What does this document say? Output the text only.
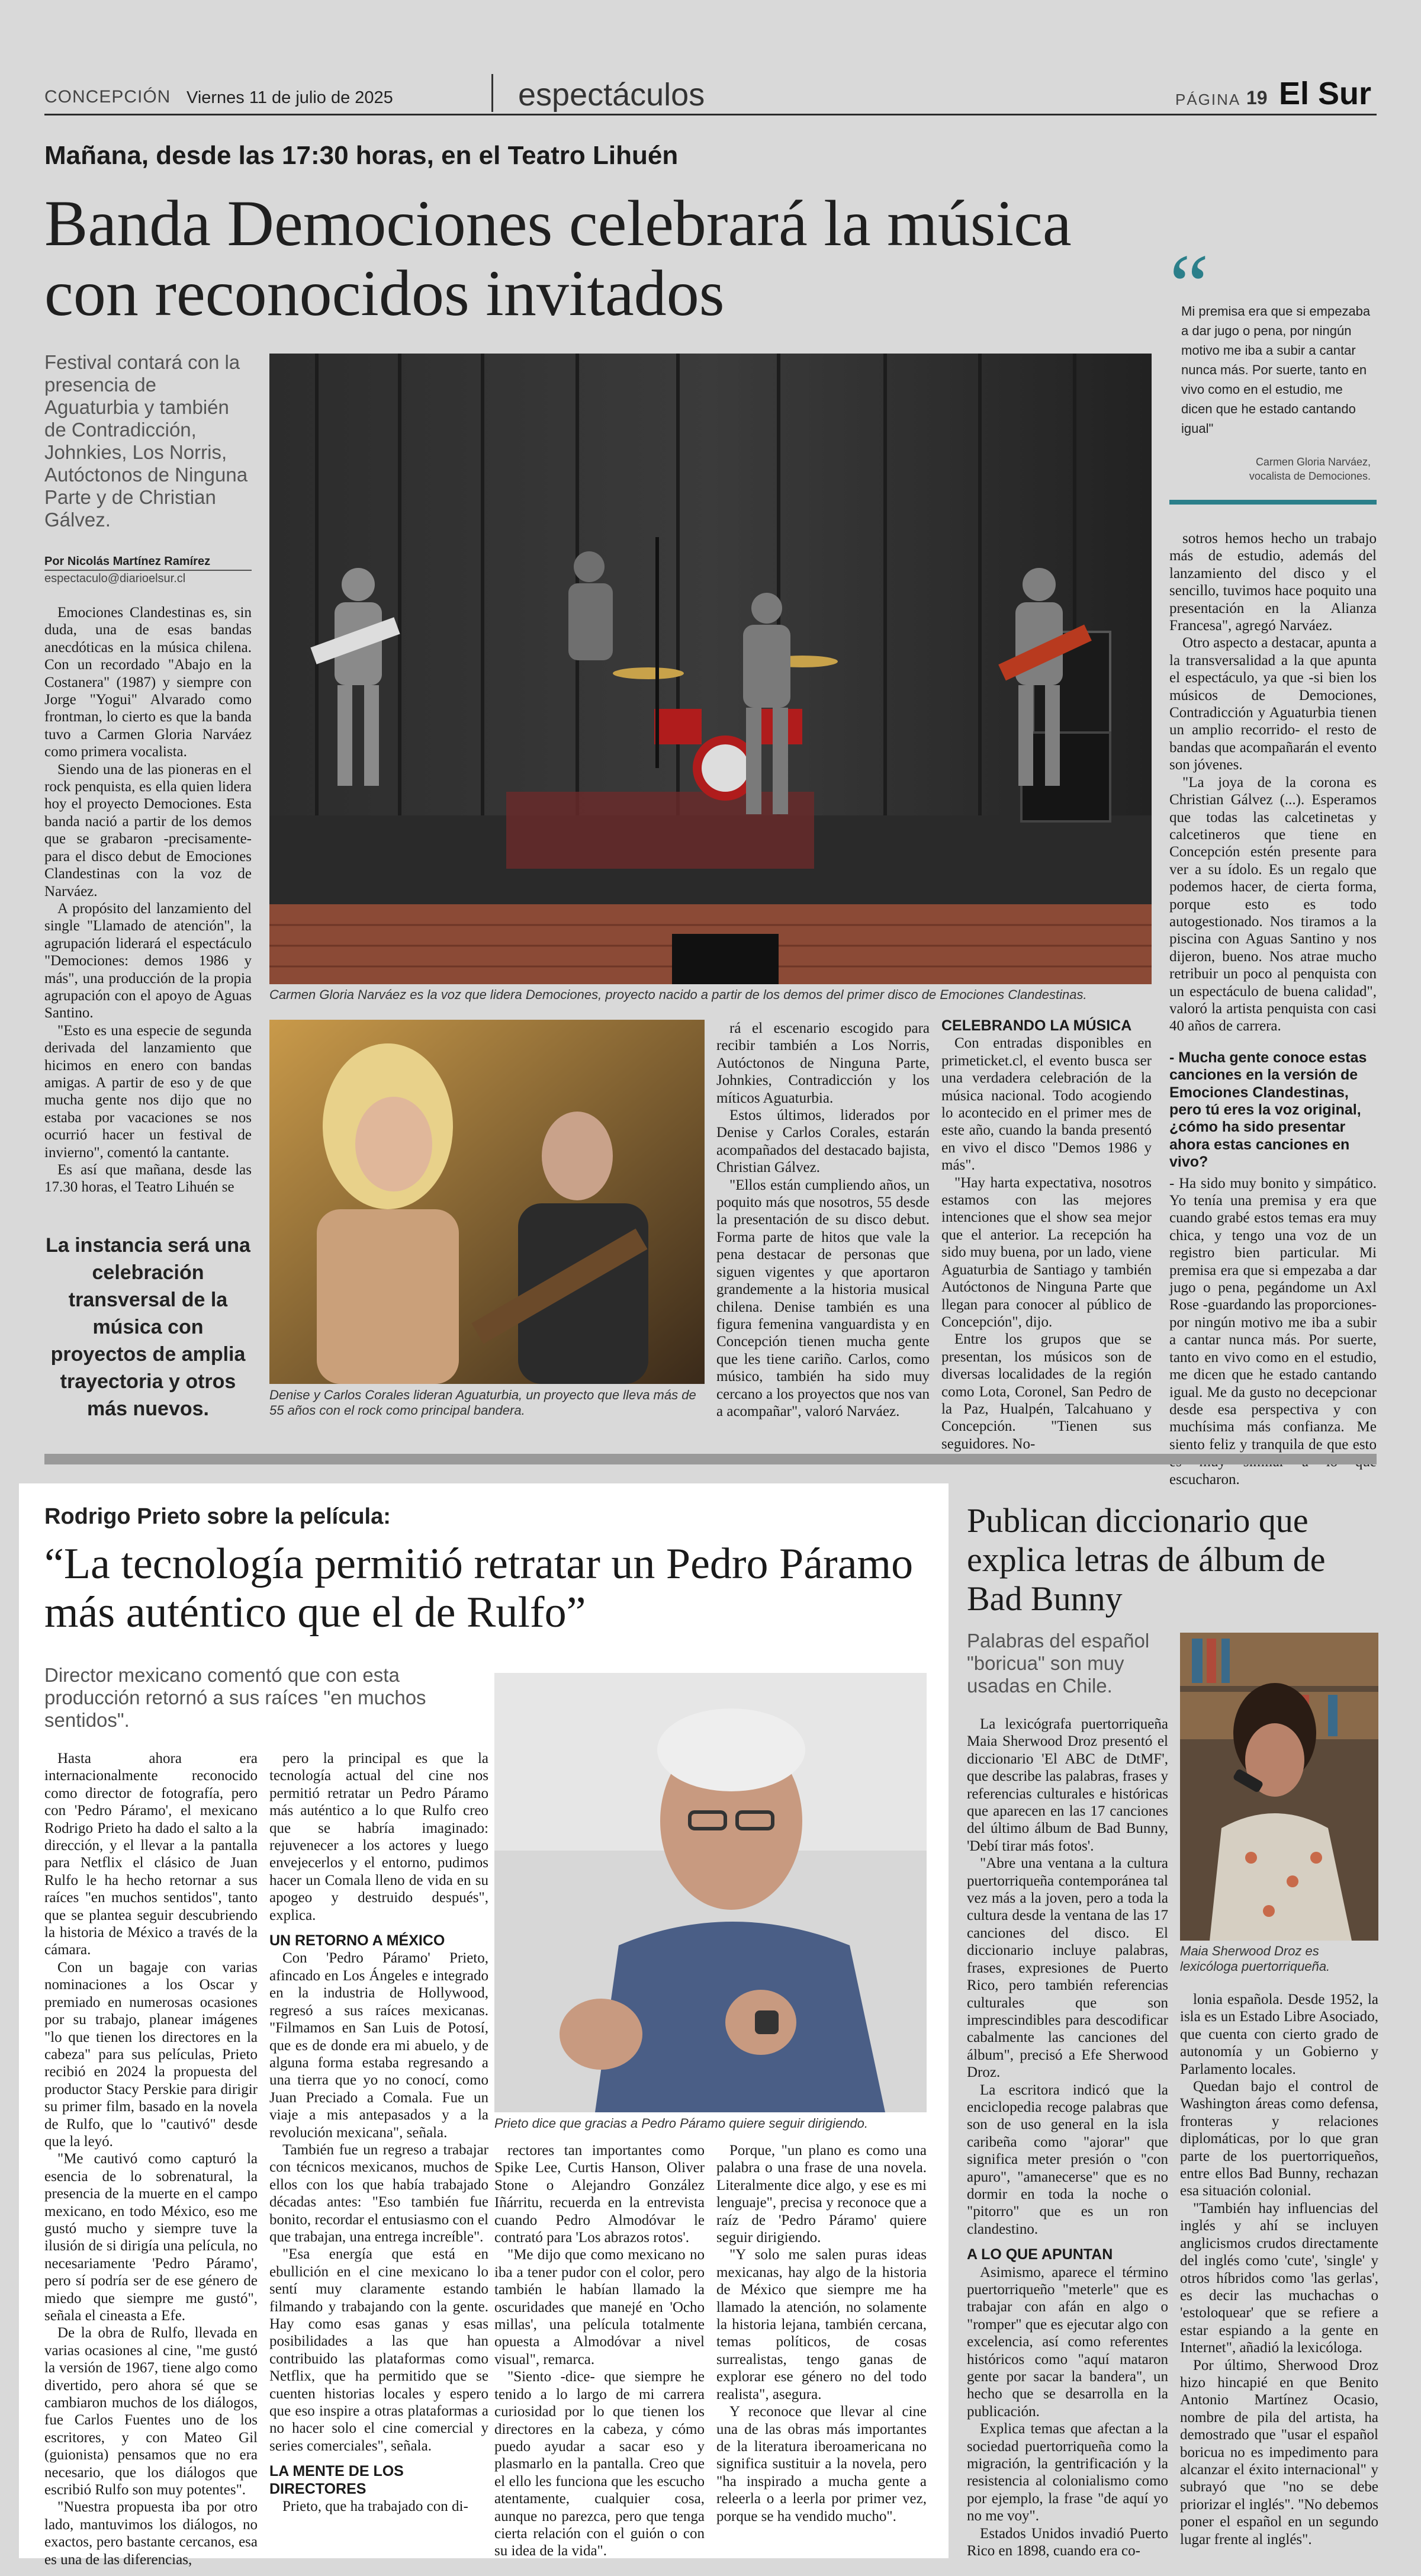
CONCEPCIÓN Viernes 11 de julio de 2025	espectáculos	PÁGINA 19 El Sur
Mañana, desde las 17:30 horas, en el Teatro Lihuén
Banda Demociones celebrará la música con reconocidos invitados
Festival contará con la presencia de Aguaturbia y también de Contradicción, Johnkies, Los Norris, Autóctonos de Ninguna Parte y de Christian Gálvez.
Por Nicolás Martínez Ramírez
espectaculo@diarioelsur.cl

Emociones Clandestinas es, sin duda, una de esas bandas anecdóticas en la música chilena. Con un recordado "Abajo en la Costanera" (1987) y siempre con Jorge "Yogui" Alvarado como frontman, lo cierto es que la banda tuvo a Carmen Gloria Narváez como primera vocalista.

Siendo una de las pioneras en el rock penquista, es ella quien lidera hoy el proyecto Demociones. Esta banda nació a partir de los demos que se grabaron -precisamente- para el disco debut de Emociones Clandestinas con la voz de Narváez.

A propósito del lanzamiento del single "Llamado de atención", la agrupación liderará el espectáculo "Demociones: demos 1986 y más", una producción de la propia agrupación con el apoyo de Aguas Santino.

"Esto es una especie de segunda derivada del lanzamiento que hicimos en enero con bandas amigas. A partir de eso y de que mucha gente nos dijo que no estaba por vacaciones se nos ocurrió hacer un festival de invierno", comentó la cantante.

Es así que mañana, desde las 17.30 horas, el Teatro Lihuén se

La instancia será una celebración transversal de la música con proyectos de amplia trayectoria y otros más nuevos.
Carmen Gloria Narváez es la voz que lidera Demociones, proyecto nacido a partir de los demos del primer disco de Emociones Clandestinas.
Denise y Carlos Corales lideran Aguaturbia, un proyecto que lleva más de 55 años con el rock como principal bandera.

rá el escenario escogido para recibir también a Los Norris, Autóctonos de Ninguna Parte, Johnkies, Contradicción y los míticos Aguaturbia.

Estos últimos, liderados por Denise y Carlos Corales, estarán acompañados del destacado bajista, Christian Gálvez.

"Ellos están cumpliendo años, un poquito más que nosotros, 55 desde la presentación de su disco debut. Forma parte de hitos que vale la pena destacar de personas que siguen vigentes y que aportaron grandemente a la historia musical chilena. Denise también es una figura femenina vanguardista y en Concepción tienen mucha gente que les tiene cariño. Carlos, como músico, también ha sido muy cercano a los proyectos que nos van a acompañar", valoró Narváez.

CELEBRANDO LA MÚSICA

Con entradas disponibles en primeticket.cl, el evento busca ser una verdadera celebración de la música nacional. Todo acogiendo lo acontecido en el primer mes de este año, cuando la banda presentó en vivo el disco "Demos 1986 y más".

"Hay harta expectativa, nosotros estamos con las mejores intenciones que el show sea mejor que el anterior. La recepción ha sido muy buena, por un lado, viene Aguaturbia de Santiago y también Autóctonos de Ninguna Parte que llegan para conocer al público de Concepción", dijo.

Entre los grupos que se presentan, los músicos son de diversas localidades de la región como Lota, Coronel, San Pedro de la Paz, Hualpén, Talcahuano y Concepción. "Tienen sus seguidores. No-

“
Mi premisa era que si empezaba a dar jugo o pena, por ningún motivo me iba a subir a cantar nunca más. Por suerte, tanto en vivo como en el estudio, me dicen que he estado cantando igual"
Carmen Gloria Narváez,
vocalista de Demociones.

sotros hemos hecho un trabajo más de estudio, además del lanzamiento del disco y el sencillo, tuvimos hace poquito una presentación en la Alianza Francesa", agregó Narváez.

Otro aspecto a destacar, apunta a la transversalidad a la que apunta el espectáculo, ya que -si bien los músicos de Demociones, Contradicción y Aguaturbia tienen un amplio recorrido- el resto de bandas que acompañarán el evento son jóvenes.

"La joya de la corona es Christian Gálvez (...). Esperamos que todas las calcetinetas y calcetineros que tiene en Concepción estén presente para ver a su ídolo. Es un regalo que podemos hacer, de cierta forma, porque esto es todo autogestionado. Nos tiramos a la piscina con Aguas Santino y nos dijeron, bueno. Nos atrae mucho retribuir un poco al penquista con un espectáculo de buena calidad", valoró la artista penquista con casi 40 años de carrera.

- Mucha gente conoce estas canciones en la versión de Emociones Clandestinas, pero tú eres la voz original, ¿cómo ha sido presentar ahora estas canciones en vivo?
- Ha sido muy bonito y simpático. Yo tenía una premisa y era que cuando grabé estos temas era muy chica, y tengo una voz de un registro bien particular. Mi premisa era que si empezaba a dar jugo o pena, pegándome un Axl Rose -guardando las proporciones- por ningún motivo me iba a subir a cantar nunca más. Por suerte, tanto en vivo como en el estudio, me dicen que he estado cantando igual. Me da gusto no decepcionar desde esa perspectiva y con muchísima más confianza. Me siento feliz y tranquila de que esto escucharon.
Rodrigo Prieto sobre la película:
“La tecnología permitió retratar un Pedro Páramo más auténtico que el de Rulfo”
Director mexicano comentó que con esta producción retornó a sus raíces "en muchos sentidos".

Hasta ahora era internacionalmente reconocido como director de fotografía, pero con 'Pedro Páramo', el mexicano Rodrigo Prieto ha dado el salto a la dirección, y el llevar a la pantalla para Netflix el clásico de Juan Rulfo le ha hecho retornar a sus raíces "en muchos sentidos", tanto que se plantea seguir descubriendo la historia de México a través de la cámara.

Con un bagaje con varias nominaciones a los Oscar y premiado en numerosas ocasiones por su trabajo, planear imágenes "lo que tienen los directores en la cabeza" para sus películas, Prieto recibió en 2024 la propuesta del productor Stacy Perskie para dirigir su primer film, basado en la novela de Rulfo, que lo "cautivó" desde que la leyó.

"Me cautivó como capturó la esencia de lo sobrenatural, la presencia de la muerte en el campo mexicano, en todo México, eso me gustó mucho y siempre tuve la ilusión de si dirigía una película, no necesariamente 'Pedro Páramo', pero sí podría ser de ese género de miedo que siempre me gustó", señala el cineasta a Efe.

De la obra de Rulfo, llevada en varias ocasiones al cine, "me gustó la versión de 1967, tiene algo como divertido, pero ahora sé que se cambiaron muchos de los diálogos, fue Carlos Fuentes uno de los escritores, y con Mateo Gil (guionista) pensamos que no era necesario, que los diálogos que escribió Rulfo son muy potentes".

"Nuestra propuesta iba por otro lado, mantuvimos los diálogos, no exactos, pero bastante cercanos, esa es una de las diferencias,

pero la principal es que la tecnología actual del cine nos permitió retratar un Pedro Páramo más auténtico a lo que Rulfo creo que se habría imaginado: rejuvenecer a los actores y luego envejecerlos y el entorno, pudimos hacer un Comala lleno de vida en su apogeo y destruido después", explica.

UN RETORNO A MÉXICO

Con 'Pedro Páramo' Prieto, afincado en Los Ángeles e integrado en la industria de Hollywood, regresó a sus raíces mexicanas. "Filmamos en San Luis de Potosí, que es de donde era mi abuelo, y de alguna forma estaba regresando a una tierra que yo no conocí, como Juan Preciado a Comala. Fue un viaje a mis antepasados y a la revolución mexicana", señala.

También fue un regreso a trabajar con técnicos mexicanos, muchos de ellos con los que había trabajado décadas antes: "Eso también fue bonito, recordar el entusiasmo con el que trabajan, una entrega increíble".

"Esa energía que está en ebullición en el cine mexicano lo sentí muy claramente estando filmando y trabajando con la gente. Hay como esas ganas y esas posibilidades a las que han contribuido las plataformas como Netflix, que ha permitido que se cuenten historias locales y espero que eso inspire a otras plataformas a no hacer solo el cine comercial y series comerciales", señala.

LA MENTE DE LOS DIRECTORES

Prieto, que ha trabajado con di-

Prieto dice que gracias a Pedro Páramo quiere seguir dirigiendo.

rectores tan importantes como Spike Lee, Curtis Hanson, Oliver Stone o Alejandro González Iñárritu, recuerda en la entrevista cuando Pedro Almodóvar le contrató para 'Los abrazos rotos'.

"Me dijo que como mexicano no iba a tener pudor con el color, pero también le habían llamado la oscuridades que manejé en 'Ocho millas', una película totalmente opuesta a Almodóvar a nivel visual", remarca.

"Siento -dice- que siempre he tenido a lo largo de mi carrera curiosidad por lo que tienen los directores en la cabeza, y cómo puedo ayudar a sacar eso y plasmarlo en la pantalla. Creo que el ello les funciona que les escucho atentamente, cualquier cosa, aunque no parezca, pero que tenga cierta relación con el guión o con su idea de la vida".

Porque, "un plano es como una palabra o una frase de una novela. Literalmente dice algo, y ese es mi lenguaje", precisa y reconoce que a raíz de 'Pedro Páramo' quiere seguir dirigiendo.

"Y solo me salen puras ideas mexicanas, hay algo de la historia de México que siempre me ha llamado la atención, no solamente la historia lejana, también cercana, temas políticos, de cosas surrealistas, tengo ganas de explorar ese género no del todo realista", asegura.

Y reconoce que llevar al cine una de las obras más importantes de la literatura iberoamericana no significa sustituir a la novela, pero "ha inspirado a mucha gente a releerla o a leerla por primer vez, porque se ha vendido mucho".

Publican diccionario que explica letras de álbum de Bad Bunny
Palabras del español "boricua" son muy usadas en Chile.

La lexicógrafa puertorriqueña Maia Sherwood Droz presentó el diccionario 'El ABC de DtMF', que describe las palabras, frases y referencias culturales e históricas que aparecen en las 17 canciones del último álbum de Bad Bunny, 'Debí tirar más fotos'.

"Abre una ventana a la cultura puertorriqueña contemporánea tal vez más a la joven, pero a toda la cultura desde la ventana de las 17 canciones del disco. El diccionario incluye palabras, frases, expresiones de Puerto Rico, pero también referencias culturales que son imprescindibles para descodificar cabalmente las canciones del álbum", precisó a Efe Sherwood Droz.

La escritora indicó que la enciclopedia recoge palabras que son de uso general en la isla caribeña como "ajorar" que significa meter presión o "con apuro", "amanecerse" que es no dormir en toda la noche o "pitorro" que es un ron clandestino.

A LO QUE APUNTAN

Asimismo, aparece el término puertorriqueño "meterle" que es trabajar con afán en algo o "romper" que es ejecutar algo con excelencia, así como referentes históricos como "aquí mataron gente por sacar la bandera", un hecho que se desarrolla en la publicación.

Explica temas que afectan a la sociedad puertorriqueña como la migración, la gentrificación y la resistencia al colonialismo como por ejemplo, la frase "de aquí yo no me voy".

Estados Unidos invadió Puerto Rico en 1898, cuando era co-

Maia Sherwood Droz es lexicóloga puertorriqueña.

lonia española. Desde 1952, la isla es un Estado Libre Asociado, que cuenta con cierto grado de autonomía y un Gobierno y Parlamento locales.

Quedan bajo el control de Washington áreas como defensa, fronteras y relaciones diplomáticas, por lo que gran parte de los puertorriqueños, entre ellos Bad Bunny, rechazan esa situación colonial.

"También hay influencias del inglés y ahí se incluyen anglicismos crudos directamente del inglés como 'cute', 'single' y otros híbridos como 'las gerlas', es decir las muchachas o 'estoloquear' que se refiere a estar espiando a la gente en Internet", añadió la lexicóloga.

Por último, Sherwood Droz hizo hincapié en que Benito Antonio Martínez Ocasio, nombre de pila del artista, ha demostrado que "usar el español boricua no es impedimento para alcanzar el éxito internacional" y subrayó que "no se debe priorizar el inglés". "No debemos poner el español en un segundo lugar frente al inglés".
